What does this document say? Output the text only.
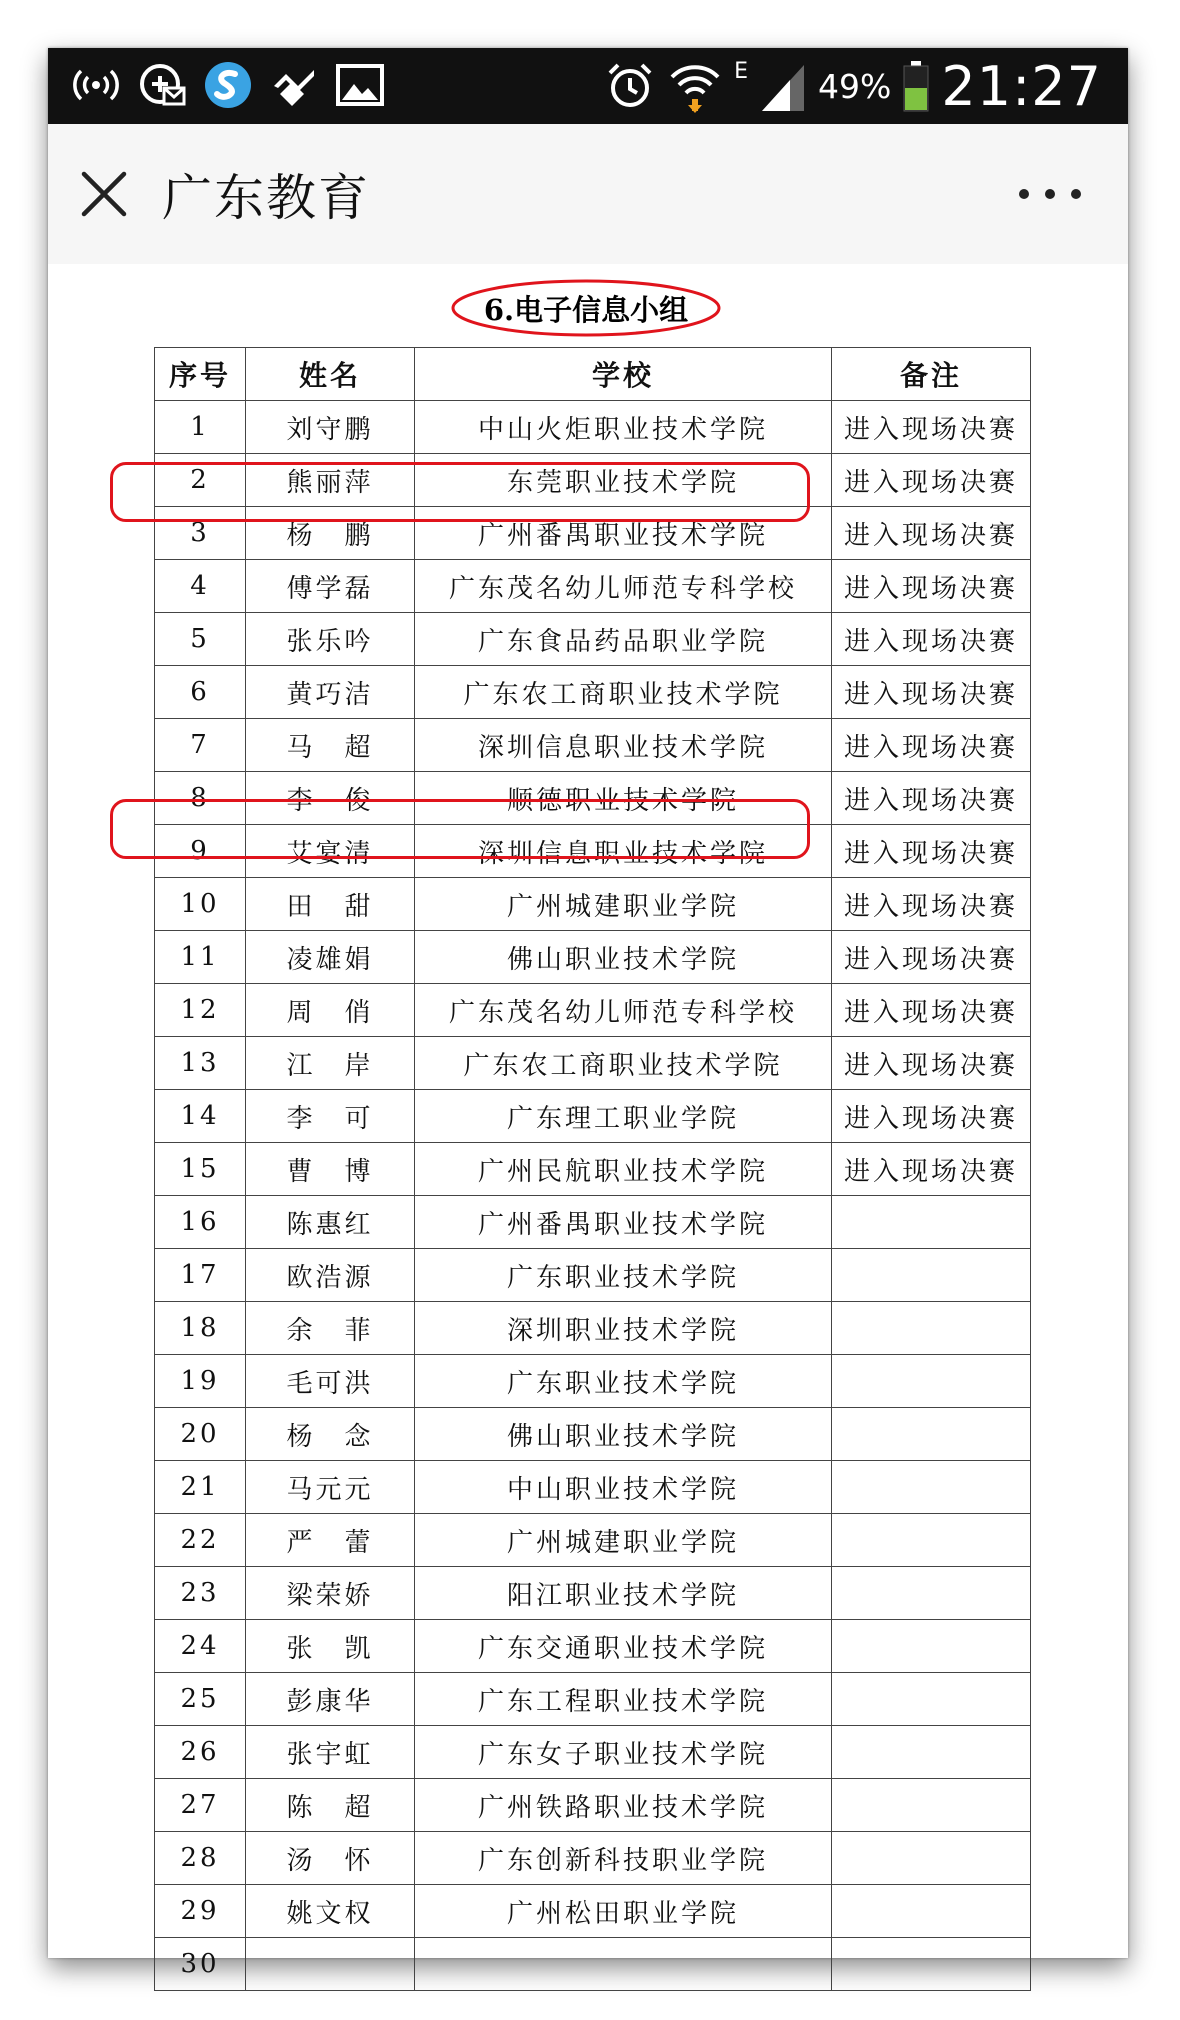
E 49% 21:27
广东教育
6.电子信息小组
序号	姓名	学校	备注
1	刘守鹏	中山火炬职业技术学院	进入现场决赛
2	熊丽萍	东莞职业技术学院	进入现场决赛
3	杨　鹏	广州番禺职业技术学院	进入现场决赛
4	傅学磊	广东茂名幼儿师范专科学校	进入现场决赛
5	张乐吟	广东食品药品职业学院	进入现场决赛
6	黄巧洁	广东农工商职业技术学院	进入现场决赛
7	马　超	深圳信息职业技术学院	进入现场决赛
8	李　俊	顺德职业技术学院	进入现场决赛
9	艾宴清	深圳信息职业技术学院	进入现场决赛
10	田　甜	广州城建职业学院	进入现场决赛
11	凌雄娟	佛山职业技术学院	进入现场决赛
12	周　俏	广东茂名幼儿师范专科学校	进入现场决赛
13	江　岸	广东农工商职业技术学院	进入现场决赛
14	李　可	广东理工职业学院	进入现场决赛
15	曹　博	广州民航职业技术学院	进入现场决赛
16	陈惠红	广州番禺职业技术学院	
17	欧浩源	广东职业技术学院	
18	余　菲	深圳职业技术学院	
19	毛可洪	广东职业技术学院	
20	杨　念	佛山职业技术学院	
21	马元元	中山职业技术学院	
22	严　蕾	广州城建职业学院	
23	梁荣娇	阳江职业技术学院	
24	张　凯	广东交通职业技术学院	
25	彭康华	广东工程职业技术学院	
26	张宇虹	广东女子职业技术学院	
27	陈　超	广州铁路职业技术学院	
28	汤　怀	广东创新科技职业学院	
29	姚文权	广州松田职业学院	
30			
